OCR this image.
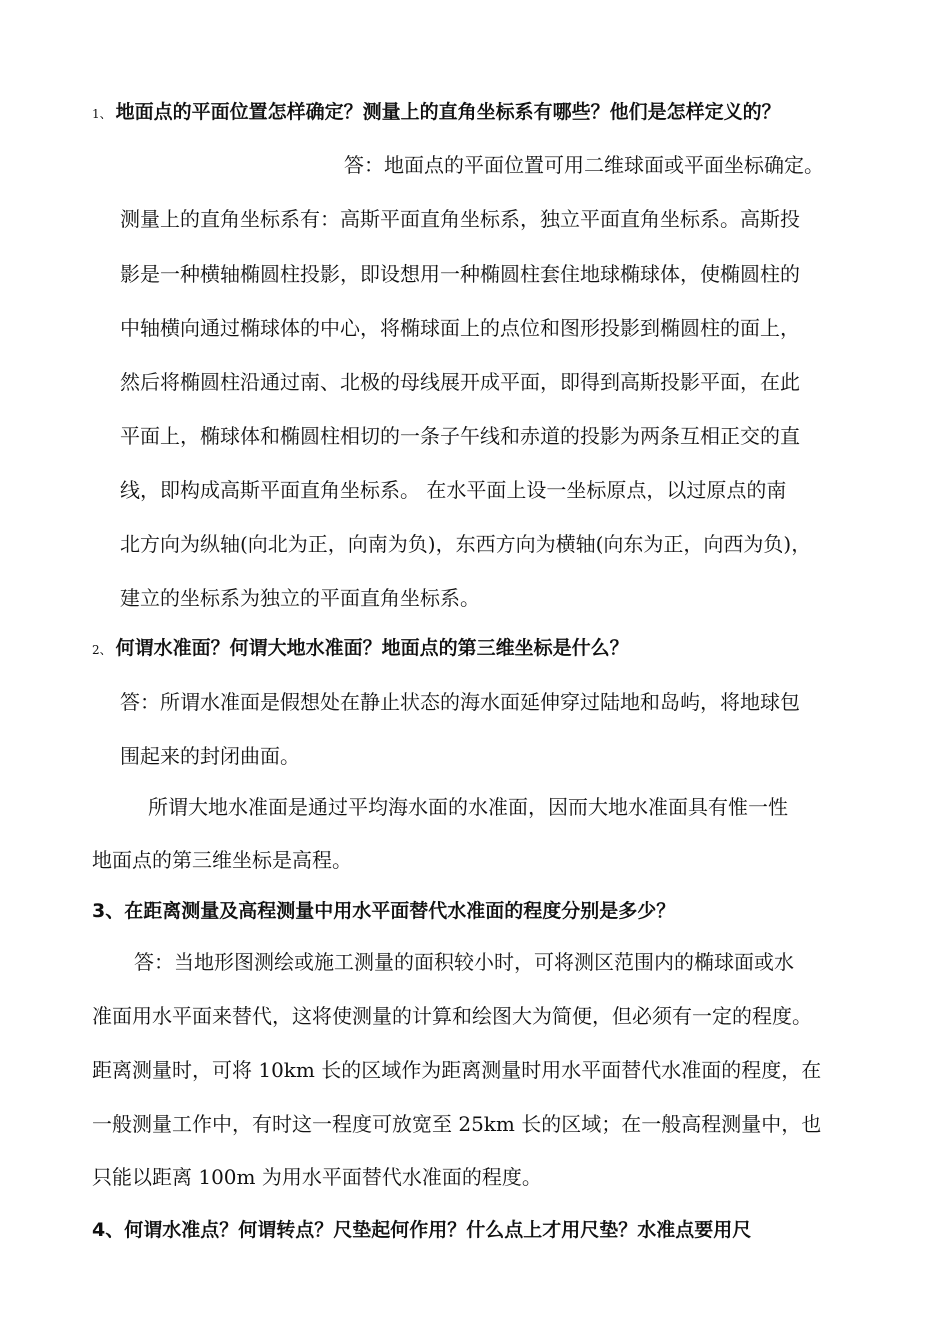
1、 地面点的平面位置怎样确定？测量上的直角坐标系有哪些？他们是怎样定义的？
答：地面点的平面位置可用二维球面或平面坐标确定。
测量上的直角坐标系有：高斯平面直角坐标系，独立平面直角坐标系。高斯投
影是一种横轴椭圆柱投影，即设想用一种椭圆柱套住地球椭球体，使椭圆柱的
中轴横向通过椭球体的中心，将椭球面上的点位和图形投影到椭圆柱的面上，
然后将椭圆柱沿通过南、北极的母线展开成平面，即得到高斯投影平面，在此
平面上，椭球体和椭圆柱相切的一条子午线和赤道的投影为两条互相正交的直
线，即构成高斯平面直角坐标系。 在水平面上设一坐标原点，以过原点的南
北方向为纵轴(向北为正，向南为负)，东西方向为横轴(向东为正，向西为负)，
建立的坐标系为独立的平面直角坐标系。
2、 何谓水准面？何谓大地水准面？地面点的第三维坐标是什么？
答：所谓水准面是假想处在静止状态的海水面延伸穿过陆地和岛屿，将地球包
围起来的封闭曲面。
所谓大地水准面是通过平均海水面的水准面，因而大地水准面具有惟一性
地面点的第三维坐标是高程。
3、在距离测量及高程测量中用水平面替代水准面的程度分别是多少？
答：当地形图测绘或施工测量的面积较小时，可将测区范围内的椭球面或水
准面用水平面来替代，这将使测量的计算和绘图大为简便，但必须有一定的程度。
距离测量时，可将 10km 长的区域作为距离测量时用水平面替代水准面的程度，在
一般测量工作中，有时这一程度可放宽至 25km 长的区域；在一般高程测量中，也
只能以距离 100m 为用水平面替代水准面的程度。
4、何谓水准点？何谓转点？尺垫起何作用？什么点上才用尺垫？水准点要用尺
